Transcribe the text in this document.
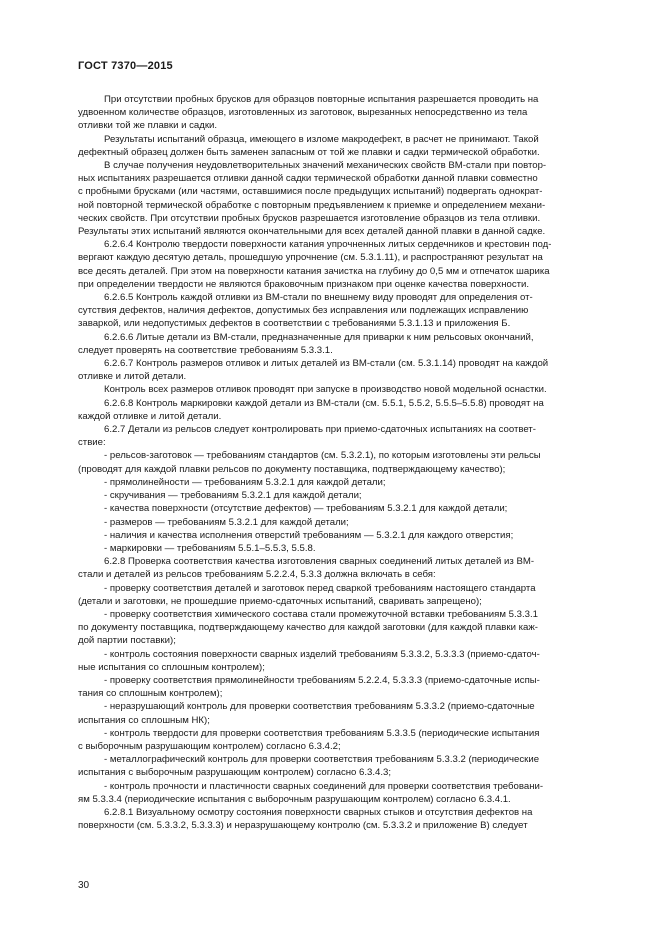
ГОСТ 7370—2015

При отсутствии пробных брусков для образцов повторные испытания разрешается проводить на
удвоенном количестве образцов, изготовленных из заготовок, вырезанных непосредственно из тела
отливки той же плавки и садки.

Результаты испытаний образца, имеющего в изломе макродефект, в расчет не принимают. Такой
дефектный образец должен быть заменен запасным от той же плавки и садки термической обработки.

В случае получения неудовлетворительных значений механических свойств ВМ-стали при повтор-
ных испытаниях разрешается отливки данной садки термической обработки данной плавки совместно
с пробными брусками (или частями, оставшимися после предыдущих испытаний) подвергать однократ-
ной повторной термической обработке с повторным предъявлением к приемке и определением механи-
ческих свойств. При отсутствии пробных брусков разрешается изготовление образцов из тела отливки.
Результаты этих испытаний являются окончательными для всех деталей данной плавки в данной садке.

6.2.6.4 Контролю твердости поверхности катания упрочненных литых сердечников и крестовин под-
вергают каждую десятую деталь, прошедшую упрочнение (см. 5.3.1.11), и распространяют результат на
все десять деталей. При этом на поверхности катания зачистка на глубину до 0,5 мм и отпечаток шарика
при определении твердости не являются браковочным признаком при оценке качества поверхности.

6.2.6.5 Контроль каждой отливки из ВМ-стали по внешнему виду проводят для определения от-
сутствия дефектов, наличия дефектов, допустимых без исправления или подлежащих исправлению
заваркой, или недопустимых дефектов в соответствии с требованиями 5.3.1.13 и приложения Б.

6.2.6.6 Литые детали из ВМ-стали, предназначенные для приварки к ним рельсовых окончаний,
следует проверять на соответствие требованиям 5.3.3.1.

6.2.6.7 Контроль размеров отливок и литых деталей из ВМ-стали (см. 5.3.1.14) проводят на каждой
отливке и литой детали.

Контроль всех размеров отливок проводят при запуске в производство новой модельной оснастки.

6.2.6.8 Контроль маркировки каждой детали из ВМ-стали (см. 5.5.1, 5.5.2, 5.5.5–5.5.8) проводят на
каждой отливке и литой детали.

6.2.7 Детали из рельсов следует контролировать при приемо-сдаточных испытаниях на соответ-
ствие:

- рельсов-заготовок — требованиям стандартов (см. 5.3.2.1), по которым изготовлены эти рельсы
(проводят для каждой плавки рельсов по документу поставщика, подтверждающему качество);

- прямолинейности — требованиям 5.3.2.1 для каждой детали;

- скручивания — требованиям 5.3.2.1 для каждой детали;

- качества поверхности (отсутствие дефектов) — требованиям 5.3.2.1 для каждой детали;

- размеров — требованиям 5.3.2.1 для каждой детали;

- наличия и качества исполнения отверстий требованиям — 5.3.2.1 для каждого отверстия;

- маркировки — требованиям 5.5.1–5.5.3, 5.5.8.

6.2.8 Проверка соответствия качества изготовления сварных соединений литых деталей из ВМ-
стали и деталей из рельсов требованиям 5.2.2.4, 5.3.3 должна включать в себя:

- проверку соответствия деталей и заготовок перед сваркой требованиям настоящего стандарта
(детали и заготовки, не прошедшие приемо-сдаточных испытаний, сваривать запрещено);

- проверку соответствия химического состава стали промежуточной вставки требованиям 5.3.3.1
по документу поставщика, подтверждающему качество для каждой заготовки (для каждой плавки каж-
дой партии поставки);

- контроль состояния поверхности сварных изделий требованиям 5.3.3.2, 5.3.3.3 (приемо-сдаточ-
ные испытания со сплошным контролем);

- проверку соответствия прямолинейности требованиям 5.2.2.4, 5.3.3.3 (приемо-сдаточные испы-
тания со сплошным контролем);

- неразрушающий контроль для проверки соответствия требованиям 5.3.3.2 (приемо-сдаточные
испытания со сплошным НК);

- контроль твердости для проверки соответствия требованиям 5.3.3.5 (периодические испытания
с выборочным разрушающим контролем) согласно 6.3.4.2;

- металлографический контроль для проверки соответствия требованиям 5.3.3.2 (периодические
испытания с выборочным разрушающим контролем) согласно 6.3.4.3;

- контроль прочности и пластичности сварных соединений для проверки соответствия требовани-
ям 5.3.3.4 (периодические испытания с выборочным разрушающим контролем) согласно 6.3.4.1.

6.2.8.1 Визуальному осмотру состояния поверхности сварных стыков и отсутствия дефектов на
поверхности (см. 5.3.3.2, 5.3.3.3) и неразрушающему контролю (см. 5.3.3.2 и приложение В) следует

30
